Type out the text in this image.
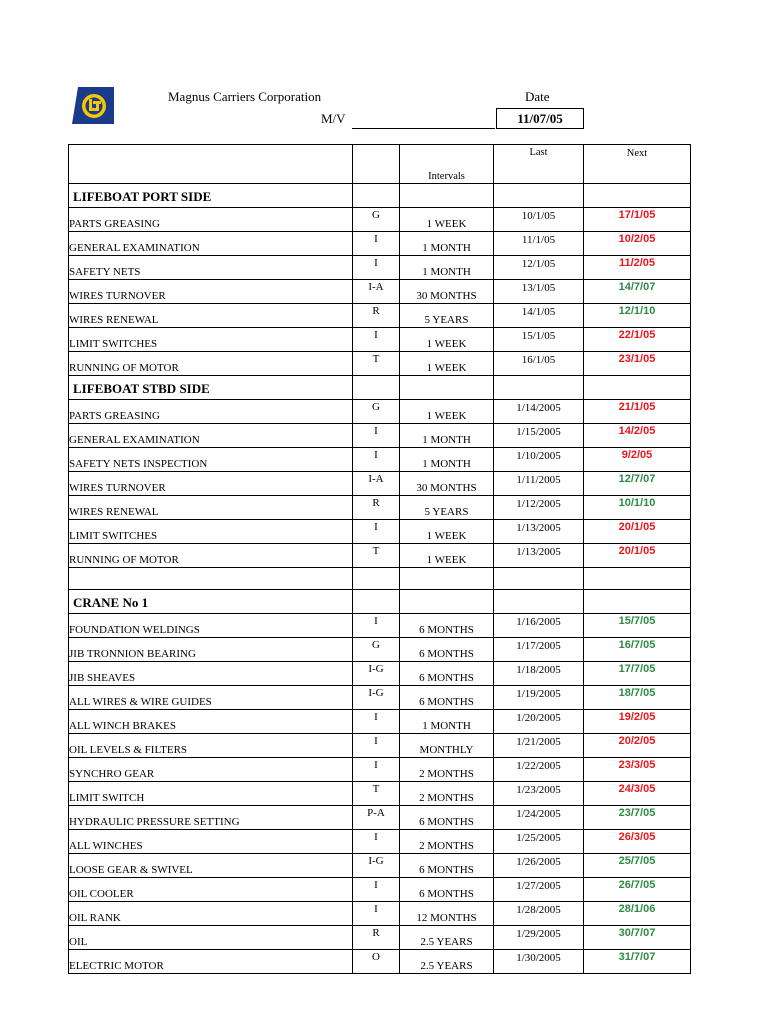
Magnus Carriers Corporation	Date
M/V	11/07/05
		Intervals	Last	Next
LIFEBOAT PORT SIDE				
PARTS GREASING	G	1 WEEK	10/1/05	17/1/05
GENERAL EXAMINATION	I	1 MONTH	11/1/05	10/2/05
SAFETY NETS	I	1 MONTH	12/1/05	11/2/05
WIRES TURNOVER	I-A	30 MONTHS	13/1/05	14/7/07
WIRES RENEWAL	R	5 YEARS	14/1/05	12/1/10
LIMIT SWITCHES	I	1 WEEK	15/1/05	22/1/05
RUNNING OF MOTOR	T	1 WEEK	16/1/05	23/1/05
LIFEBOAT STBD SIDE				
PARTS GREASING	G	1 WEEK	1/14/2005	21/1/05
GENERAL EXAMINATION	I	1 MONTH	1/15/2005	14/2/05
SAFETY NETS INSPECTION	I	1 MONTH	1/10/2005	9/2/05
WIRES TURNOVER	I-A	30 MONTHS	1/11/2005	12/7/07
WIRES RENEWAL	R	5 YEARS	1/12/2005	10/1/10
LIMIT SWITCHES	I	1 WEEK	1/13/2005	20/1/05
RUNNING OF MOTOR	T	1 WEEK	1/13/2005	20/1/05

CRANE No 1				
FOUNDATION WELDINGS	I	6 MONTHS	1/16/2005	15/7/05
JIB TRONNION BEARING	G	6 MONTHS	1/17/2005	16/7/05
JIB SHEAVES	I-G	6 MONTHS	1/18/2005	17/7/05
ALL WIRES & WIRE GUIDES	I-G	6 MONTHS	1/19/2005	18/7/05
ALL WINCH BRAKES	I	1 MONTH	1/20/2005	19/2/05
OIL LEVELS & FILTERS	I	MONTHLY	1/21/2005	20/2/05
SYNCHRO GEAR	I	2 MONTHS	1/22/2005	23/3/05
LIMIT SWITCH	T	2 MONTHS	1/23/2005	24/3/05
HYDRAULIC PRESSURE SETTING	P-A	6 MONTHS	1/24/2005	23/7/05
ALL WINCHES	I	2 MONTHS	1/25/2005	26/3/05
LOOSE GEAR & SWIVEL	I-G	6 MONTHS	1/26/2005	25/7/05
OIL COOLER	I	6 MONTHS	1/27/2005	26/7/05
OIL RANK	I	12 MONTHS	1/28/2005	28/1/06
OIL	R	2.5 YEARS	1/29/2005	30/7/07
ELECTRIC MOTOR	O	2.5 YEARS	1/30/2005	31/7/07
